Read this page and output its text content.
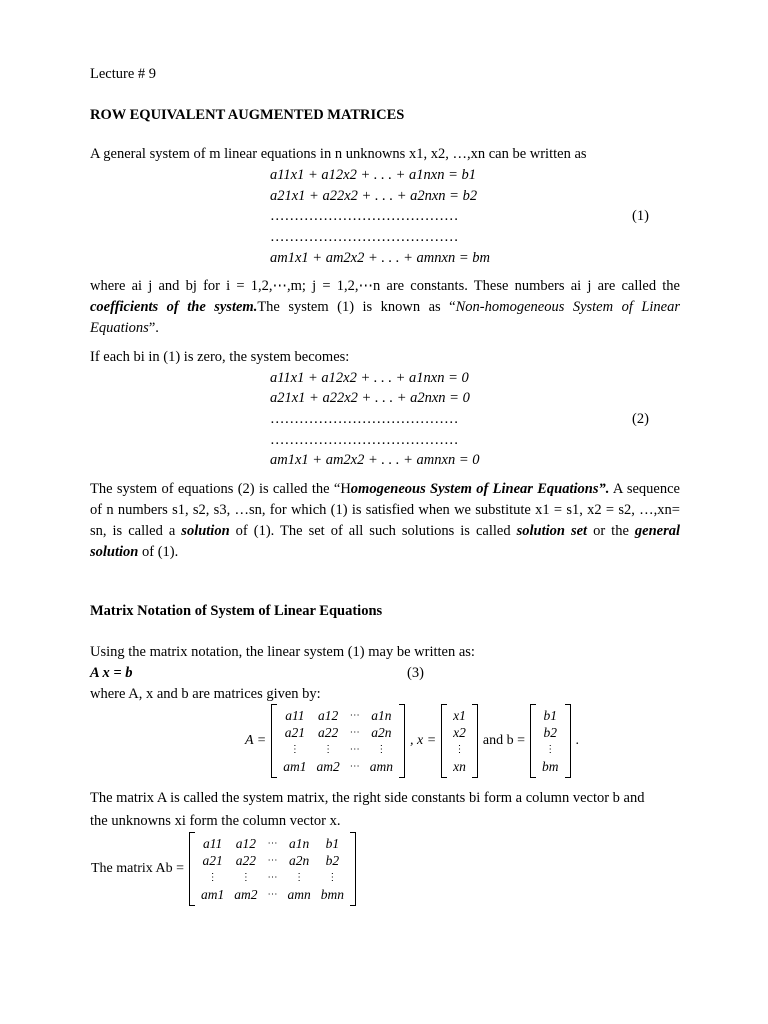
Lecture # 9
ROW EQUIVALENT AUGMENTED MATRICES
A general system of m linear equations in n unknowns x1, x2, …,xn can be written as
a11x1 + a12x2 + . . . + a1nxn = b1
a21x1 + a22x2 + . . . + a2nxn = b2
…………………………………
…………………………………
am1x1 + am2x2 + . . . + amnxn = bm
(1)
where ai j and bj for i = 1,2,⋯,m; j = 1,2,⋯n are constants. These numbers ai j are called the coefficients of the system.The system (1) is known as “Non-homogeneous System of Linear Equations”.
If each bi in (1) is zero, the system becomes:
a11x1 + a12x2 + . . . + a1nxn = 0
a21x1 + a22x2 + . . . + a2nxn = 0
…………………………………
…………………………………
am1x1 + am2x2 + . . . + amnxn = 0
(2)
The system of equations (2) is called the “Homogeneous System of Linear Equations”. A sequence of n numbers s1, s2, s3, …sn, for which (1) is satisfied when we substitute x1 = s1, x2 = s2, …,xn= sn, is called a solution of (1). The set of all such solutions is called solution set or the general solution of (1).
Matrix Notation of System of Linear Equations
Using the matrix notation, the linear system (1) may be written as:
A x = b	(3)
where A, x and b are matrices given by:
A =
a11	a12	⋯ a1n
a21 a22	⋯ a2n
⋮	⋮	⋯	⋮
am1 am2	⋯ amn
, x =
x1
x2
⋮
xn
and b =
b1
b2
⋮
bm
.
The matrix A is called the system matrix, the right side constants bi form a column vector b and
the unknowns xi form the column vector x.
The matrix Ab =
a11	a12	⋯ a1n	b1
a21 a22	⋯ a2n	b2
⋮	⋮	⋯	⋮	⋮
am1 am2	⋯ amn bmn
